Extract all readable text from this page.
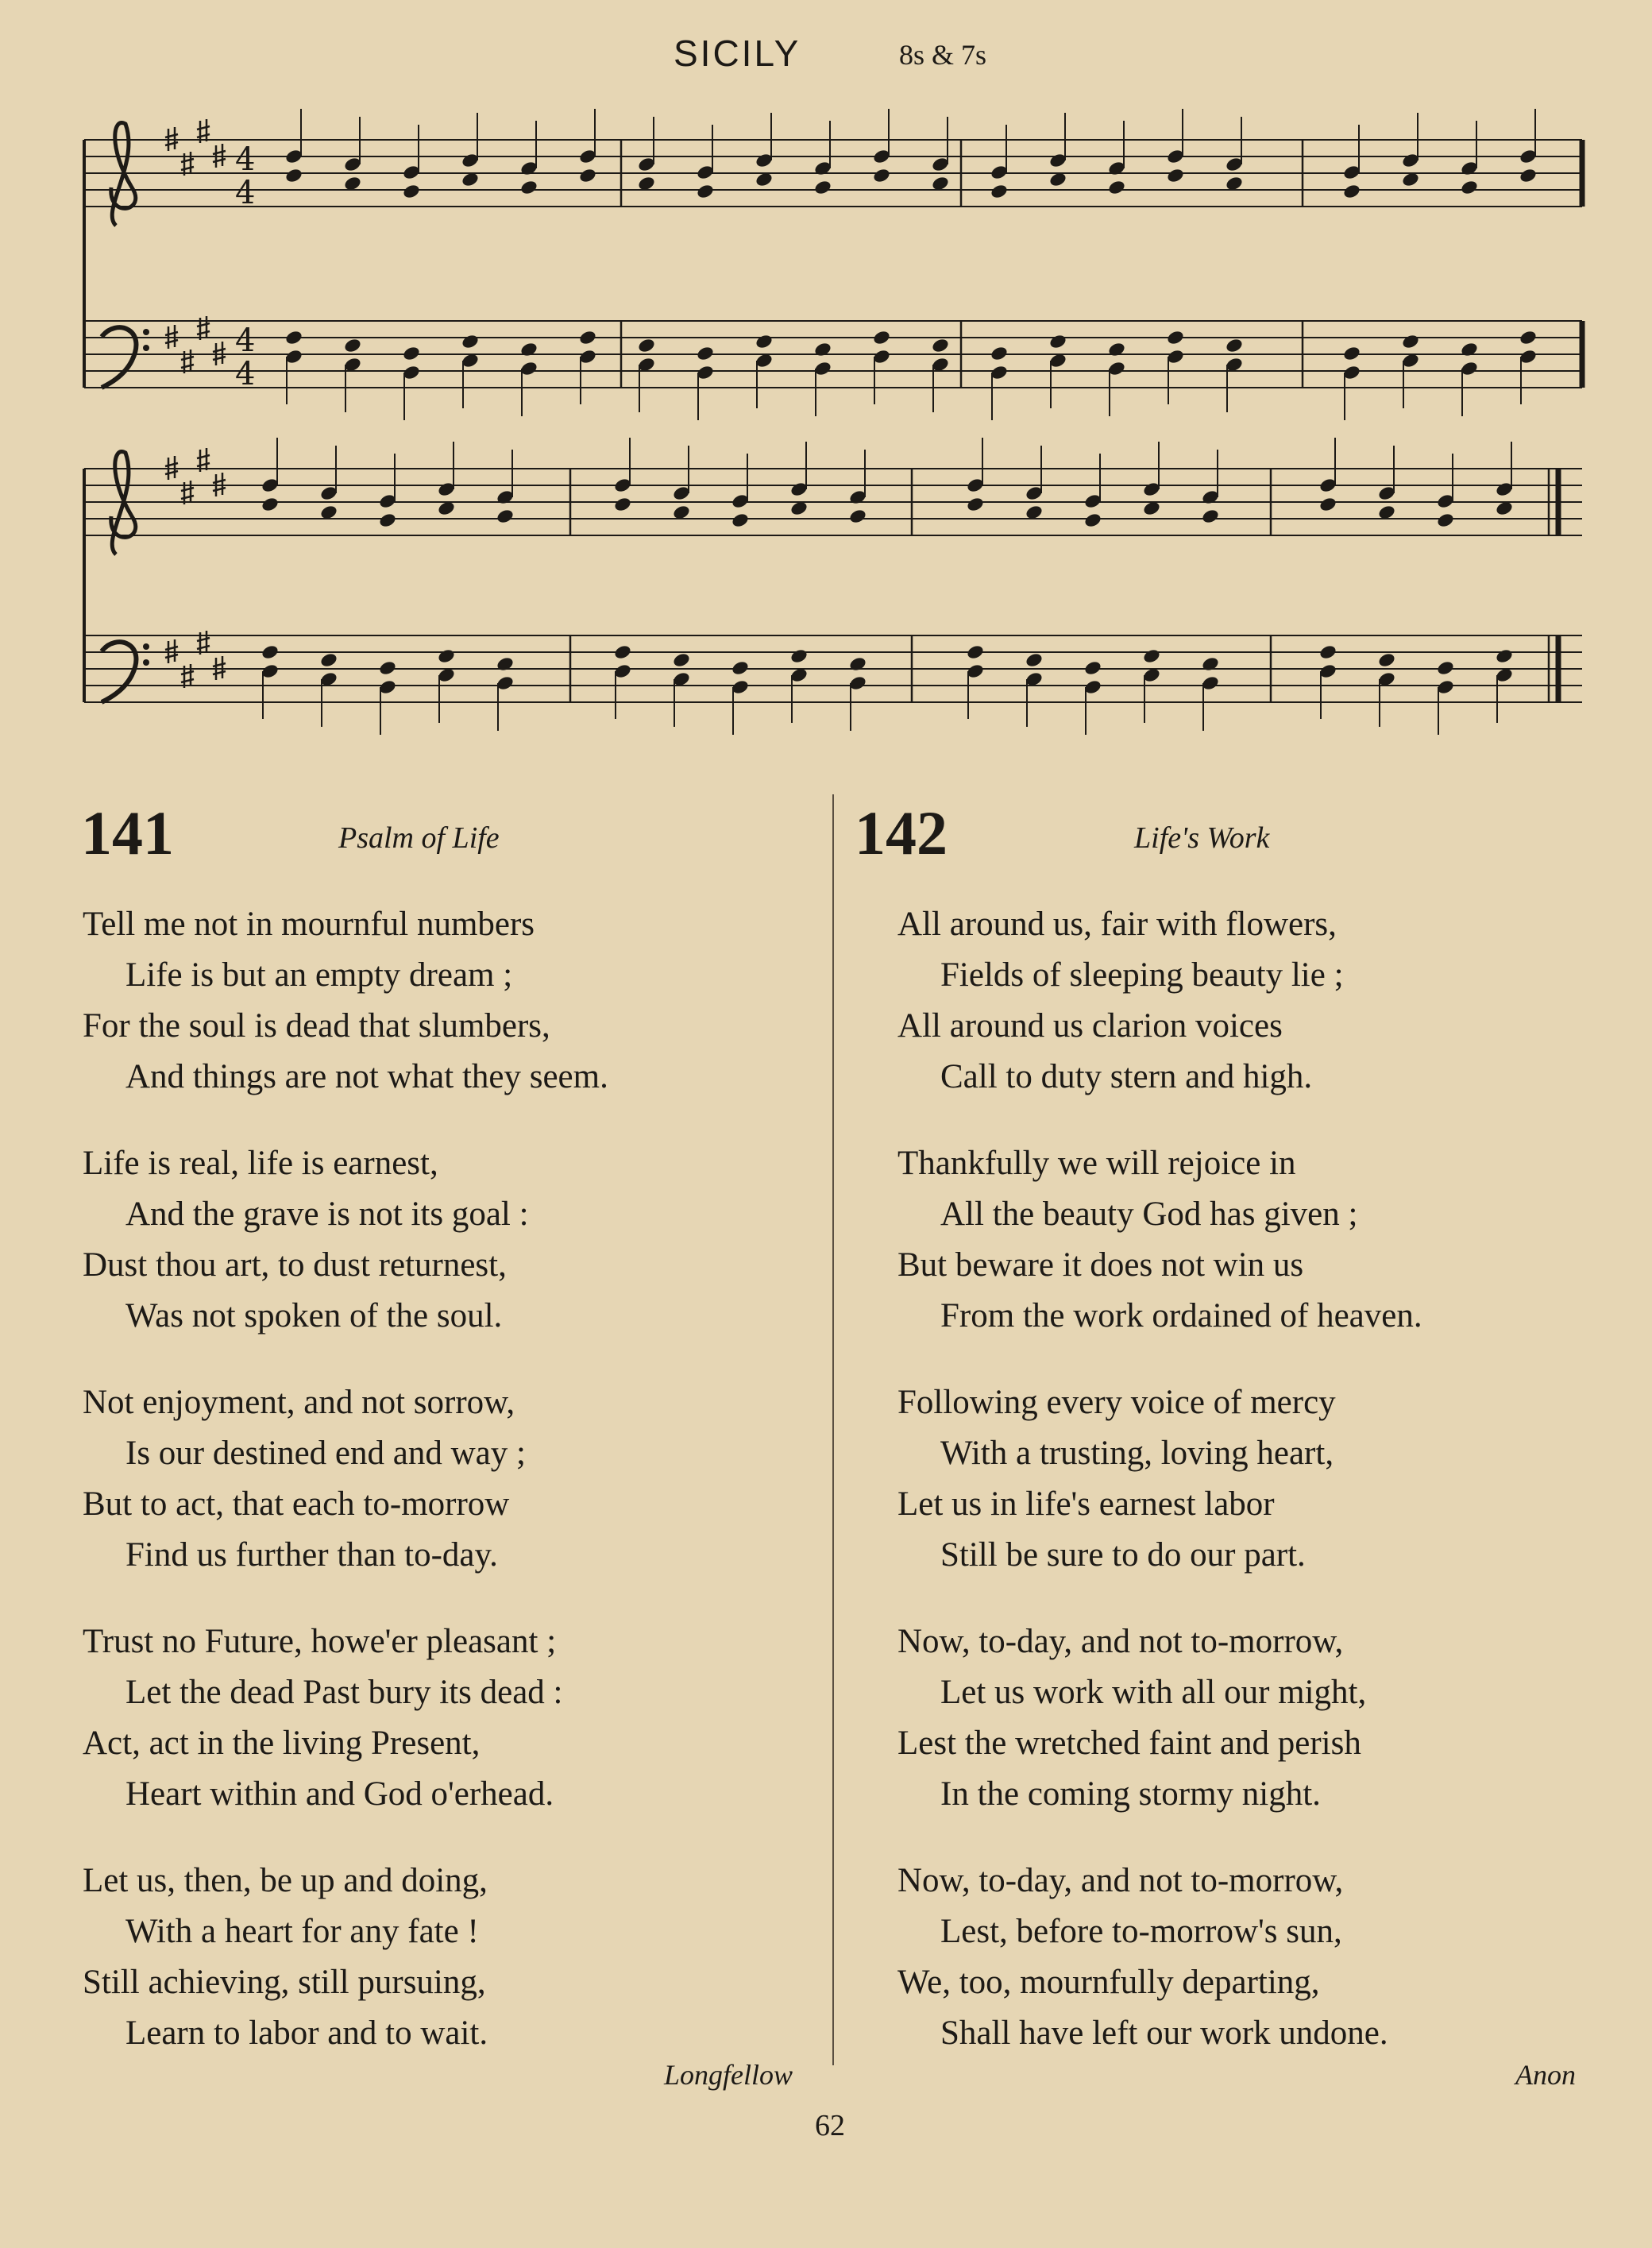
SICILY	8s & 7s
4
4
4
4
141	Psalm of Life
Tell me not in mournful numbers
Life is but an empty dream ;
For the soul is dead that slumbers,
And things are not what they seem.
Life is real, life is earnest,
And the grave is not its goal :
Dust thou art, to dust returnest,
Was not spoken of the soul.
Not enjoyment, and not sorrow,
Is our destined end and way ;
But to act, that each to-morrow
Find us further than to-day.
Trust no Future, howe'er pleasant ;
Let the dead Past bury its dead :
Act, act in the living Present,
Heart within and God o'erhead.
Let us, then, be up and doing,
With a heart for any fate !
Still achieving, still pursuing,
Learn to labor and to wait.
Longfellow
142	Life's Work
All around us, fair with flowers,
Fields of sleeping beauty lie ;
All around us clarion voices
Call to duty stern and high.
Thankfully we will rejoice in
All the beauty God has given ;
But beware it does not win us
From the work ordained of heaven.
Following every voice of mercy
With a trusting, loving heart,
Let us in life's earnest labor
Still be sure to do our part.
Now, to-day, and not to-morrow,
Let us work with all our might,
Lest the wretched faint and perish
In the coming stormy night.
Now, to-day, and not to-morrow,
Lest, before to-morrow's sun,
We, too, mournfully departing,
Shall have left our work undone.
Anon
62
